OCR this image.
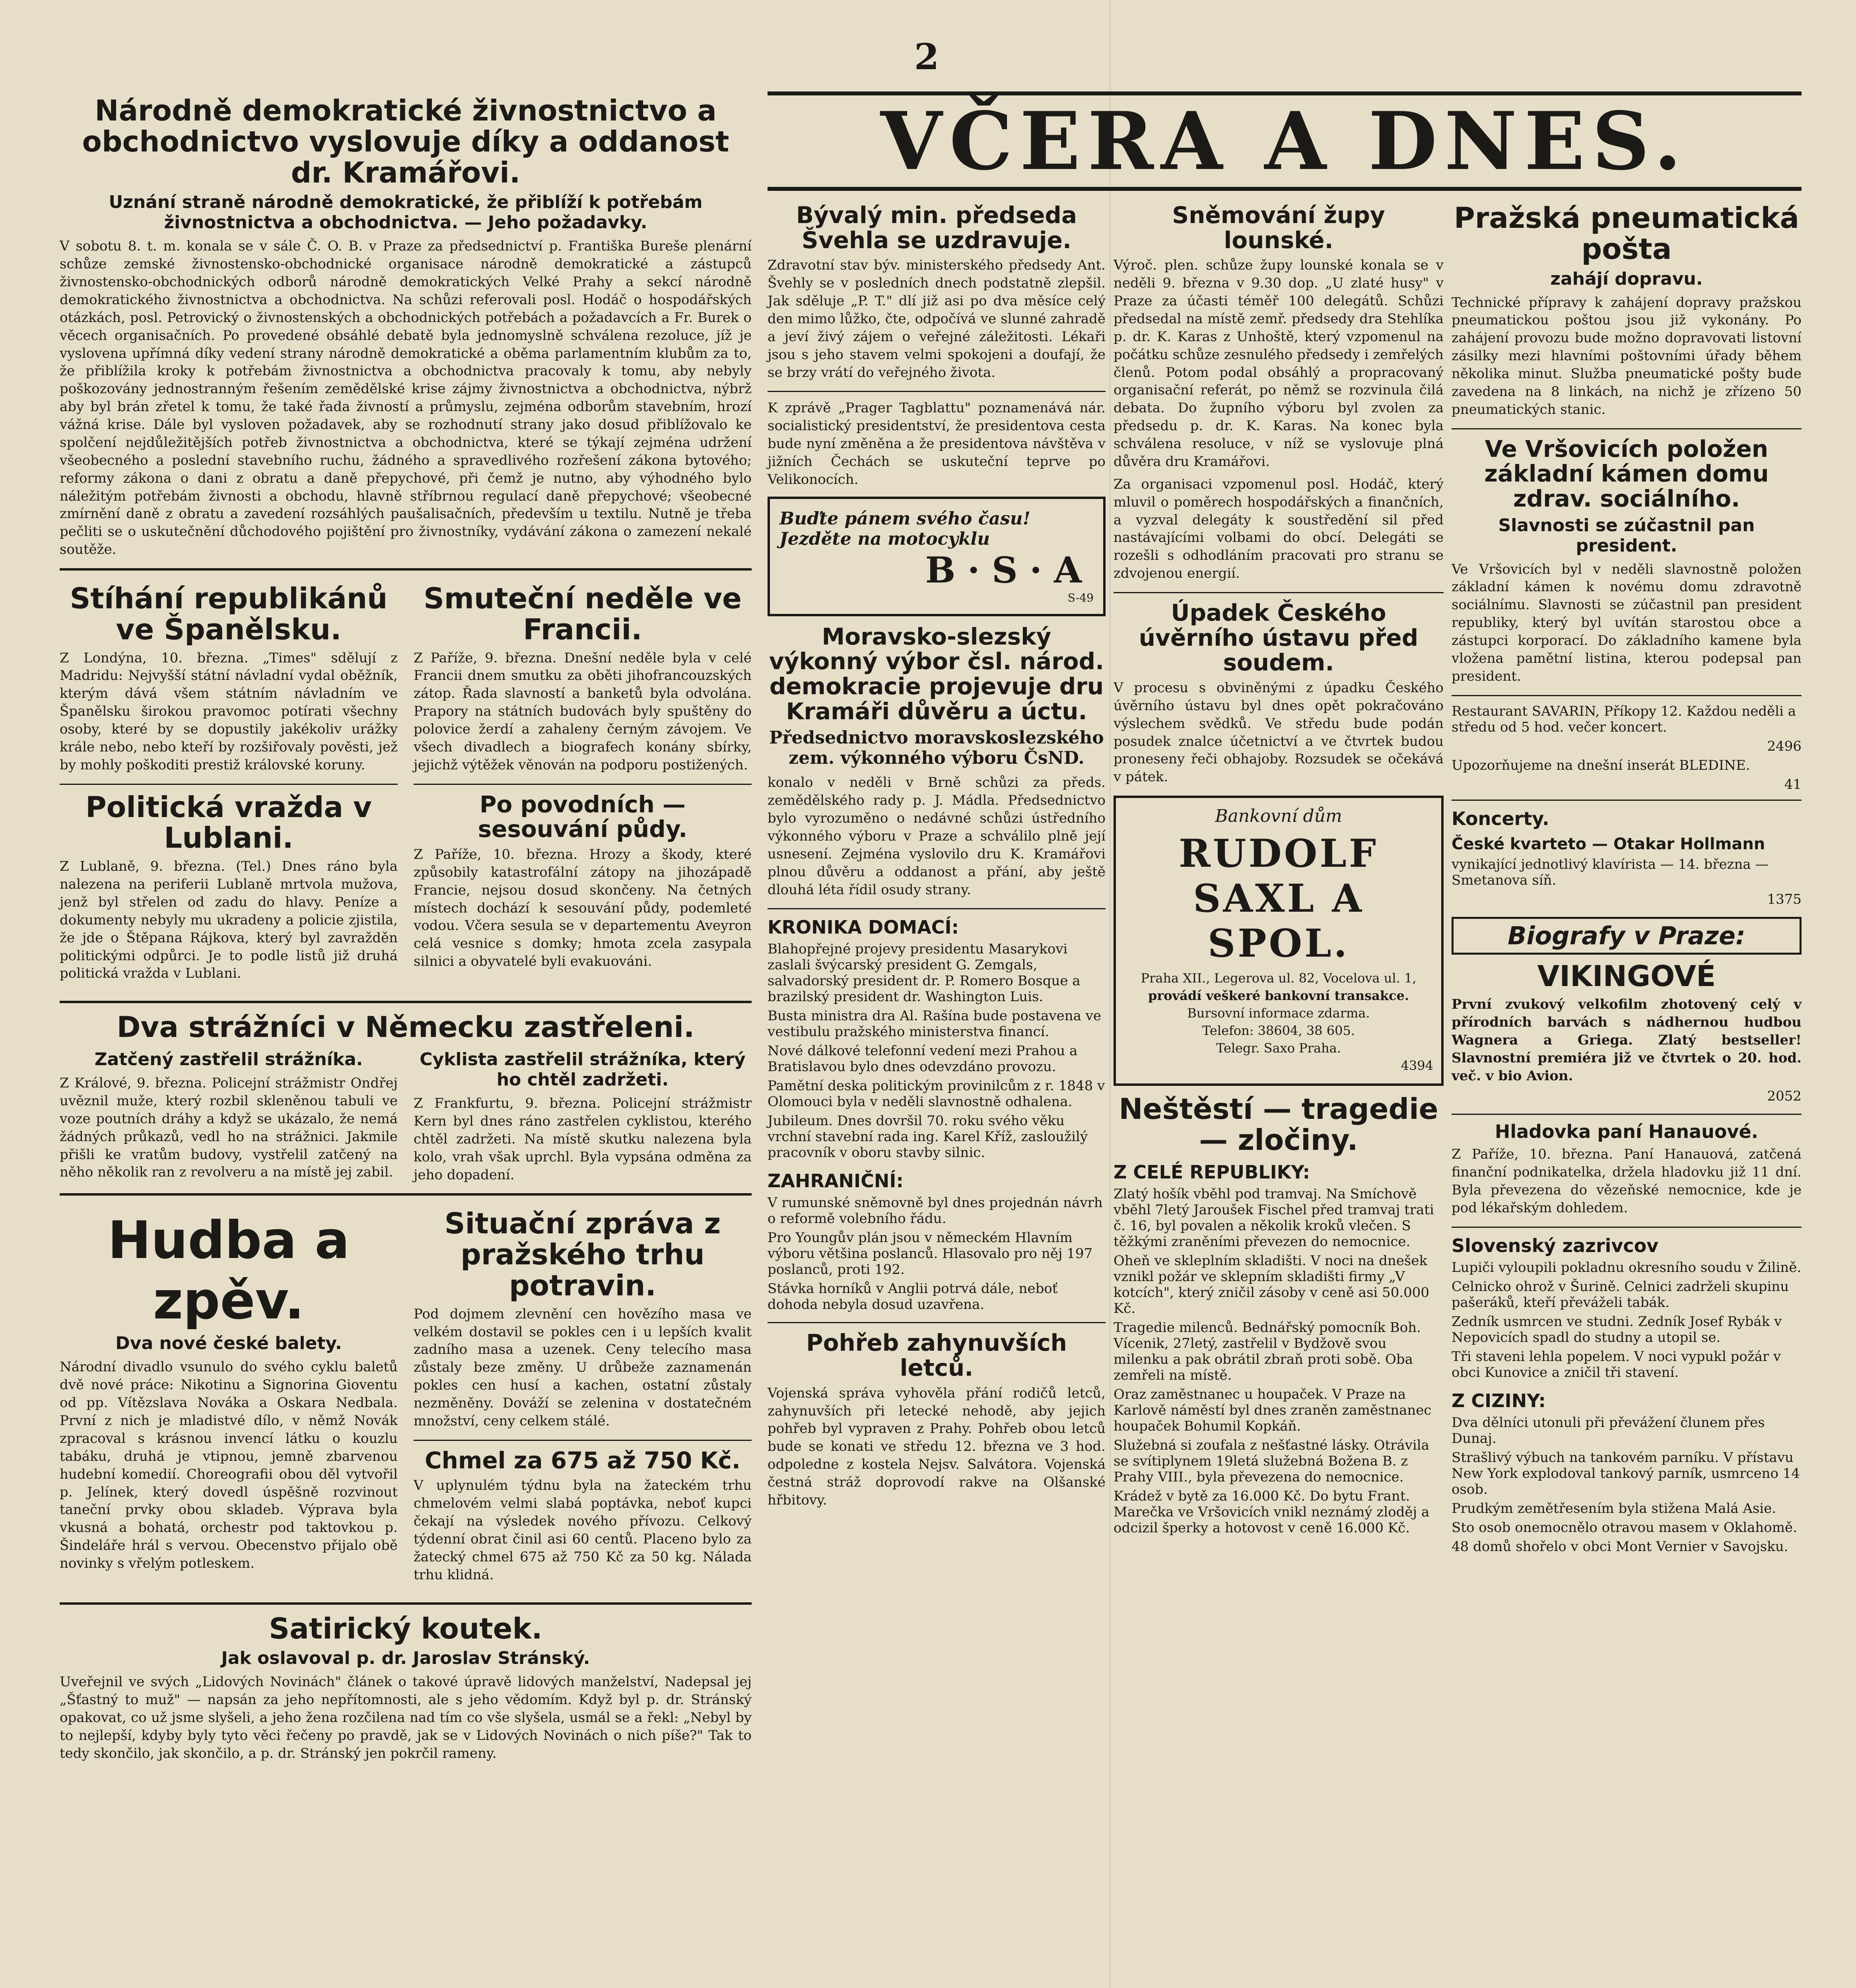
2
Národně demokratické živnostnictvo a obchodnictvo vyslovuje díky a oddanost dr. Kramářovi.
Uznání straně národně demokratické, že přiblíží k potřebám živnostnictva a obchodnictva. — Jeho požadavky.

V sobotu 8. t. m. konala se v sále Č. O. B. v Praze za předsednictví p. Františka Bureše plenární schůze zemské živnostensko-obchodnické organisace národně demokratické a zástupců živnostensko-obchodnických odborů národně demokratických Velké Prahy a sekcí národně demokratického živnostnictva a obchodnictva. Na schůzi referovali posl. Hodáč o hospodářských otázkách, posl. Petrovický o živnostenských a obchodnických potřebách a požadavcích a Fr. Burek o věcech organisačních. Po provedené obsáhlé debatě byla jednomyslně schválena rezoluce, jíž je vyslovena upřímná díky vedení strany národně demokratické a oběma parlamentním klubům za to, že přiblížila kroky k potřebám živnostnictva a obchodnictva pracovaly k tomu, aby nebyly poškozovány jednostranným řešením zemědělské krise zájmy živnostnictva a obchodnictva, nýbrž aby byl brán zřetel k tomu, že také řada živností a průmyslu, zejména odborům stavebním, hrozí vážná krise. Dále byl vysloven požadavek, aby se rozhodnutí strany jako dosud přiblížovalo ke spolčení nejdůležitějších potřeb živnostnictva a obchodnictva, které se týkají zejména udržení všeobecného a poslední stavebního ruchu, žádného a spravedlivého rozřešení zákona bytového; reformy zákona o dani z obratu a daně přepychové, při čemž je nutno, aby výhodného bylo náležitým potřebám živnosti a obchodu, hlavně stříbrnou regulací daně přepychové; všeobecné zmírnění daně z obratu a zavedení rozsáhlých paušalisačních, především u textilu. Nutně je třeba pečliti se o uskutečnění důchodového pojištění pro živnostníky, vydávání zákona o zamezení nekalé soutěže.

Stíhání republikánů ve Španělsku.

Z Londýna, 10. března. „Times" sdělují z Madridu: Nejvyšší státní návladní vydal oběžník, kterým dává všem státním návladním ve Španělsku širokou pravomoc potírati všechny osoby, které by se dopustily jakékoliv urážky krále nebo, nebo kteří by rozšiřovaly pověsti, jež by mohly poškoditi prestiž královské koruny.

Politická vražda v Lublani.

Z Lublaně, 9. března. (Tel.) Dnes ráno byla nalezena na periferii Lublaně mrtvola mužova, jenž byl střelen od zadu do hlavy. Peníze a dokumenty nebyly mu ukradeny a policie zjistila, že jde o Štěpana Rájkova, který byl zavražděn politickými odpůrci. Je to podle listů již druhá politická vražda v Lublani.

Smuteční neděle ve Francii.

Z Paříže, 9. března. Dnešní neděle byla v celé Francii dnem smutku za oběti jihofrancouzských zátop. Řada slavností a banketů byla odvolána. Prapory na státních budovách byly spuštěny do polovice žerdí a zahaleny černým závojem. Ve všech divadlech a biografech konány sbírky, jejichž výtěžek věnován na podporu postižených.

Po povodních — sesouvání půdy.

Z Paříže, 10. března. Hrozy a škody, které způsobily katastrofální zátopy na jihozápadě Francie, nejsou dosud skončeny. Na četných místech dochází k sesouvání půdy, podemleté vodou. Včera sesula se v departementu Aveyron celá vesnice s domky; hmota zcela zasypala silnici a obyvatelé byli evakuováni.

Dva strážníci v Německu zastřeleni.
Zatčený zastřelil strážníka.

Z Králové, 9. března. Policejní strážmistr Ondřej uvěznil muže, který rozbil skleněnou tabuli ve voze poutních dráhy a když se ukázalo, že nemá žádných průkazů, vedl ho na strážnici. Jakmile přišli ke vratům budovy, vystřelil zatčený na něho několik ran z revolveru a na místě jej zabil.

Cyklista zastřelil strážníka, který ho chtěl zadržeti.

Z Frankfurtu, 9. března. Policejní strážmistr Kern byl dnes ráno zastřelen cyklistou, kterého chtěl zadržeti. Na místě skutku nalezena byla kolo, vrah však uprchl. Byla vypsána odměna za jeho dopadení.

Hudba a zpěv.
Dva nové české balety.

Národní divadlo vsunulo do svého cyklu baletů dvě nové práce: Nikotinu a Signorina Gioventu od pp. Vítězslava Nováka a Oskara Nedbala. První z nich je mladistvé dílo, v němž Novák zpracoval s krásnou invencí látku o kouzlu tabáku, druhá je vtipnou, jemně zbarvenou hudební komedií. Choreografii obou děl vytvořil p. Jelínek, který dovedl úspěšně rozvinout taneční prvky obou skladeb. Výprava byla vkusná a bohatá, orchestr pod taktovkou p. Šindeláře hrál s vervou. Obecenstvo přijalo obě novinky s vřelým potleskem.

Situační zpráva z pražského trhu potravin.

Pod dojmem zlevnění cen hovězího masa ve velkém dostavil se pokles cen i u lepších kvalit zadního masa a uzenek. Ceny telecího masa zůstaly beze změny. U drůbeže zaznamenán pokles cen husí a kachen, ostatní zůstaly nezměněny. Dováží se zelenina v dostatečném množství, ceny celkem stálé.

Chmel za 675 až 750 Kč.

V uplynulém týdnu byla na žateckém trhu chmelovém velmi slabá poptávka, neboť kupci čekají na výsledek nového přívozu. Celkový týdenní obrat činil asi 60 centů. Placeno bylo za žatecký chmel 675 až 750 Kč za 50 kg. Nálada trhu klidná.

Satirický koutek.
Jak oslavoval p. dr. Jaroslav Stránský.

Uveřejnil ve svých „Lidových Novinách" článek o takové úpravě lidových manželství, Nadepsal jej „Šťastný to muž" — napsán za jeho nepřítomnosti, ale s jeho vědomím. Když byl p. dr. Stránský opakovat, co už jsme slyšeli, a jeho žena rozčilena nad tím co vše slyšela, usmál se a řekl: „Nebyl by to nejlepší, kdyby byly tyto věci řečeny po pravdě, jak se v Lidových Novinách o nich píše?" Tak to tedy skončilo, jak skončilo, a p. dr. Stránský jen pokrčil rameny.

VČERA A DNES.
Bývalý min. předseda Švehla se uzdravuje.

Zdravotní stav býv. ministerského předsedy Ant. Švehly se v posledních dnech podstatně zlepšil. Jak sděluje „P. T." dlí již asi po dva měsíce celý den mimo lůžko, čte, odpočívá ve slunné zahradě a jeví živý zájem o veřejné záležitosti. Lékaři jsou s jeho stavem velmi spokojeni a doufají, že se brzy vrátí do veřejného života.

K zprávě „Prager Tagblattu" poznamenává nár. socialistický presidentství, že presidentova cesta bude nyní změněna a že presidentova návštěva v jižních Čechách se uskuteční teprve po Velikonocích.

Buďte pánem svého času!
Jezděte na motocyklu
B·S·A
S-49
Moravsko-slezský výkonný výbor čsl. národ. demokracie projevuje dru Kramáři důvěru a úctu.
Předsednictvo moravskoslezského zem. výkonného výboru ČsND.

konalo v neděli v Brně schůzi za předs. zemědělského rady p. J. Mádla. Předsednictvo bylo vyrozuměno o nedávné schůzi ústředního výkonného výboru v Praze a schválilo plně její usnesení. Zejména vyslovilo dru K. Kramářovi plnou důvěru a oddanost a přání, aby ještě dlouhá léta řídil osudy strany.

KRONIKA DOMACÍ:

Blahopřejné projevy presidentu Masarykovi zaslali švýcarský president G. Zemgals, salvadorský president dr. P. Romero Bosque a brazilský president dr. Washington Luis.

Busta ministra dra Al. Rašína bude postavena ve vestibulu pražského ministerstva financí.

Nové dálkové telefonní vedení mezi Prahou a Bratislavou bylo dnes odevzdáno provozu.

Pamětní deska politickým provinilcům z r. 1848 v Olomouci byla v neděli slavnostně odhalena.

Jubileum. Dnes dovršil 70. roku svého věku vrchní stavební rada ing. Karel Kříž, zasloužilý pracovník v oboru stavby silnic.

ZAHRANIČNÍ:

V rumunské sněmovně byl dnes projednán návrh o reformě volebního řádu.

Pro Youngův plán jsou v německém Hlavním výboru většina poslanců. Hlasovalo pro něj 197 poslanců, proti 192.

Stávka horníků v Anglii potrvá dále, neboť dohoda nebyla dosud uzavřena.

Pohřeb zahynuvších letců.

Vojenská správa vyhověla přání rodičů letců, zahynuvších při letecké nehodě, aby jejich pohřeb byl vypraven z Prahy. Pohřeb obou letců bude se konati ve středu 12. března ve 3 hod. odpoledne z kostela Nejsv. Salvátora. Vojenská čestná stráž doprovodí rakve na Olšanské hřbitovy.

Sněmování župy lounské.

Výroč. plen. schůze župy lounské konala se v neděli 9. března v 9.30 dop. „U zlaté husy" v Praze za účasti téměř 100 delegátů. Schůzi předsedal na místě zemř. předsedy dra Stehlíka p. dr. K. Karas z Unhoště, který vzpomenul na počátku schůze zesnulého předsedy i zemřelých členů. Potom podal obsáhlý a propracovaný organisační referát, po němž se rozvinula čilá debata. Do župního výboru byl zvolen za předsedu p. dr. K. Karas. Na konec byla schválena resoluce, v níž se vyslovuje plná důvěra dru Kramářovi.

Za organisaci vzpomenul posl. Hodáč, který mluvil o poměrech hospodářských a finančních, a vyzval delegáty k soustředění sil před nastávajícími volbami do obcí. Delegáti se rozešli s odhodláním pracovati pro stranu se zdvojenou energií.

Úpadek Českého úvěrního ústavu před soudem.

V procesu s obviněnými z úpadku Českého úvěrního ústavu byl dnes opět pokračováno výslechem svědků. Ve středu bude podán posudek znalce účetnictví a ve čtvrtek budou proneseny řeči obhajoby. Rozsudek se očekává v pátek.

Bankovní dům
RUDOLF SAXL A SPOL.
Praha XII., Legerova ul. 82, Vocelova ul. 1,
provádí veškeré bankovní transakce.
Bursovní informace zdarma.
Telefon: 38604, 38 605.
Telegr. Saxo Praha.
4394
Neštěstí — tragedie — zločiny.
Z CELÉ REPUBLIKY:

Zlatý hošík vběhl pod tramvaj. Na Smíchově vběhl 7letý Jaroušek Fischel před tramvaj trati č. 16, byl povalen a několik kroků vlečen. S těžkými zraněními převezen do nemocnice.

Oheň ve skleplním skladišti. V noci na dnešek vznikl požár ve sklepním skladišti firmy „V kotcích", který zničil zásoby v ceně asi 50.000 Kč.

Tragedie milenců. Bednářský pomocník Boh. Vícenik, 27letý, zastřelil v Bydžově svou milenku a pak obrátil zbraň proti sobě. Oba zemřeli na místě.

Oraz zaměstnanec u houpaček. V Praze na Karlově náměstí byl dnes zraněn zaměstnanec houpaček Bohumil Kopkáň.

Služebná si zoufala z nešťastné lásky. Otrávila se svítiplynem 19letá služebná Božena B. z Prahy VIII., byla převezena do nemocnice.

Krádež v bytě za 16.000 Kč. Do bytu Frant. Marečka ve Vršovicích vnikl neznámý zloděj a odcizil šperky a hotovost v ceně 16.000 Kč.

Pražská pneumatická pošta
zahájí dopravu.

Technické přípravy k zahájení dopravy pražskou pneumatickou poštou jsou již vykonány. Po zahájení provozu bude možno dopravovati listovní zásilky mezi hlavními poštovními úřady během několika minut. Služba pneumatické pošty bude zavedena na 8 linkách, na nichž je zřízeno 50 pneumatických stanic.

Ve Vršovicích položen základní kámen domu zdrav. sociálního.
Slavnosti se zúčastnil pan president.

Ve Vršovicích byl v neděli slavnostně položen základní kámen k novému domu zdravotně sociálnímu. Slavnosti se zúčastnil pan president republiky, který byl uvítán starostou obce a zástupci korporací. Do základního kamene byla vložena pamětní listina, kterou podepsal pan president.

Restaurant SAVARIN, Příkopy 12. Každou neděli a středu od 5 hod. večer koncert.

2496

Upozorňujeme na dnešní inserát BLEDINE.

41

Koncerty.
České kvarteto — Otakar Hollmann

vynikající jednotlivý klavírista — 14. března — Smetanova síň.

1375

Biografy v Praze:
VIKINGOVÉ

První zvukový velkofilm zhotovený celý v přírodních barvách s nádhernou hudbou Wagnera a Griega. Zlatý bestseller! Slavnostní premiéra již ve čtvrtek o 20. hod. več. v bio Avion.

2052

Hladovka paní Hanauové.

Z Paříže, 10. března. Paní Hanauová, zatčená finanční podnikatelka, držela hladovku již 11 dní. Byla převezena do vězeňské nemocnice, kde je pod lékařským dohledem.

Slovenský zazrivcov

Lupiči vyloupili pokladnu okresního soudu v Žilině.

Celnicko ohrož v Šurině. Celnici zadrželi skupinu pašeráků, kteří převáželi tabák.

Zedník usmrcen ve studni. Zedník Josef Rybák v Nepovicích spadl do studny a utopil se.

Tři staveni lehla popelem. V noci vypukl požár v obci Kunovice a zničil tři stavení.

Z CIZINY:

Dva dělníci utonuli při převážení člunem přes Dunaj.

Strašlivý výbuch na tankovém parníku. V přístavu New York explodoval tankový parník, usmrceno 14 osob.

Prudkým zemětřesením byla stižena Malá Asie.

Sto osob onemocnělo otravou masem v Oklahomě.

48 domů shořelo v obci Mont Vernier v Savojsku.
